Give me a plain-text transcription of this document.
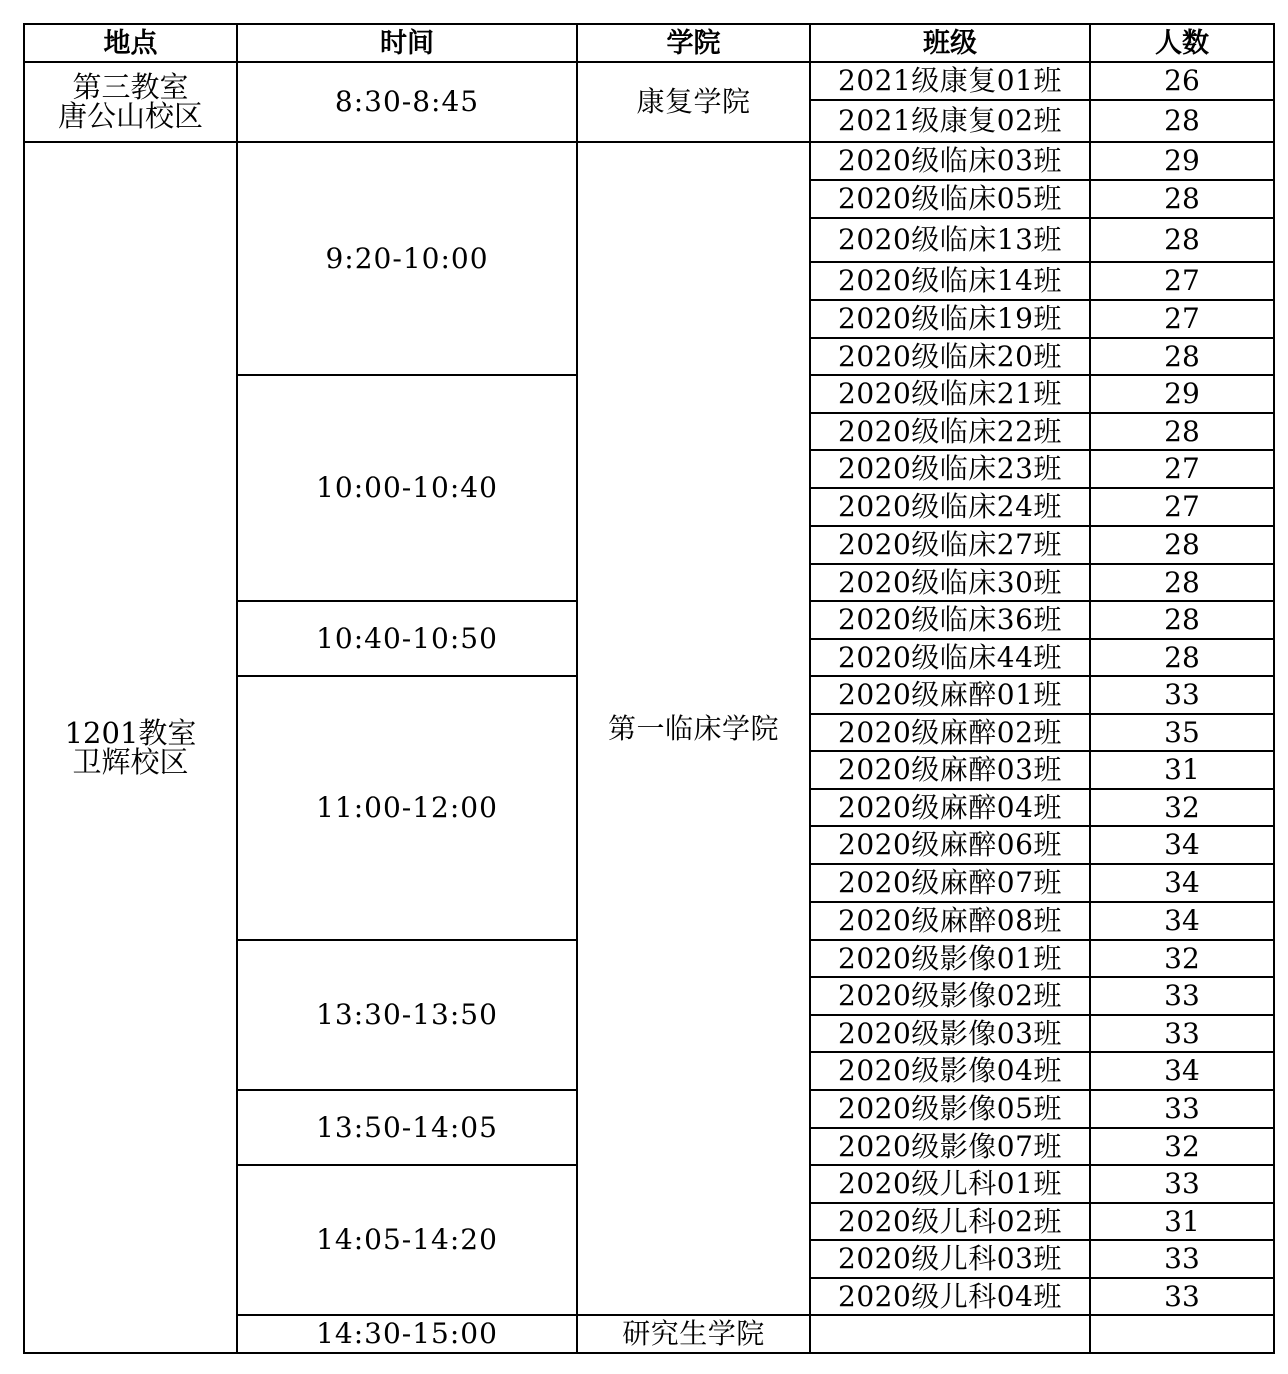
地点	时间	学院	班级	人数

第三教室
唐公山校区	8:30-8:45	康复学院	2021级康复01班	26
			2021级康复02班	28

1201教室
卫辉校区	9:20-10:00	第一临床学院	2020级临床03班	29
			2020级临床05班	28
			2020级临床13班	28
			2020级临床14班	27
			2020级临床19班	27
			2020级临床20班	28
	10:00-10:40		2020级临床21班	29
			2020级临床22班	28
			2020级临床23班	27
			2020级临床24班	27
			2020级临床27班	28
			2020级临床30班	28
	10:40-10:50		2020级临床36班	28
			2020级临床44班	28
	11:00-12:00		2020级麻醉01班	33
			2020级麻醉02班	35
			2020级麻醉03班	31
			2020级麻醉04班	32
			2020级麻醉06班	34
			2020级麻醉07班	34
			2020级麻醉08班	34
	13:30-13:50		2020级影像01班	32
			2020级影像02班	33
			2020级影像03班	33
			2020级影像04班	34
	13:50-14:05		2020级影像05班	33
			2020级影像07班	32
	14:05-14:20		2020级儿科01班	33
			2020级儿科02班	31
			2020级儿科03班	33
			2020级儿科04班	33
	14:30-15:00	研究生学院		
